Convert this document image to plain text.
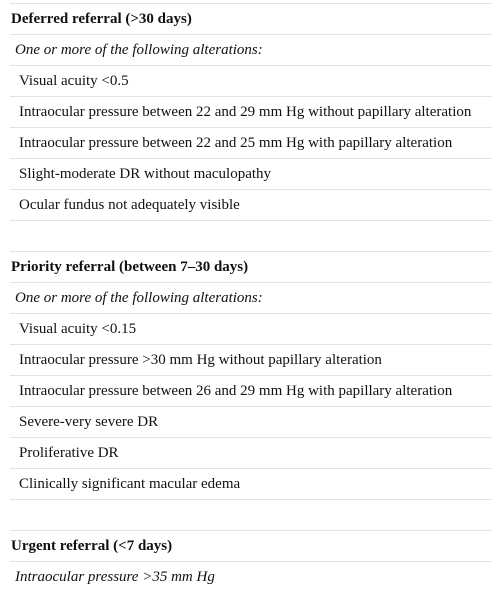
Deferred referral (>30 days)
One or more of the following alterations:
Visual acuity <0.5
Intraocular pressure between 22 and 29 mm Hg without papillary alteration
Intraocular pressure between 22 and 25 mm Hg with papillary alteration
Slight-moderate DR without maculopathy
Ocular fundus not adequately visible
Priority referral (between 7–30 days)
One or more of the following alterations:
Visual acuity <0.15
Intraocular pressure >30 mm Hg without papillary alteration
Intraocular pressure between 26 and 29 mm Hg with papillary alteration
Severe-very severe DR
Proliferative DR
Clinically significant macular edema
Urgent referral (<7 days)
Intraocular pressure >35 mm Hg
